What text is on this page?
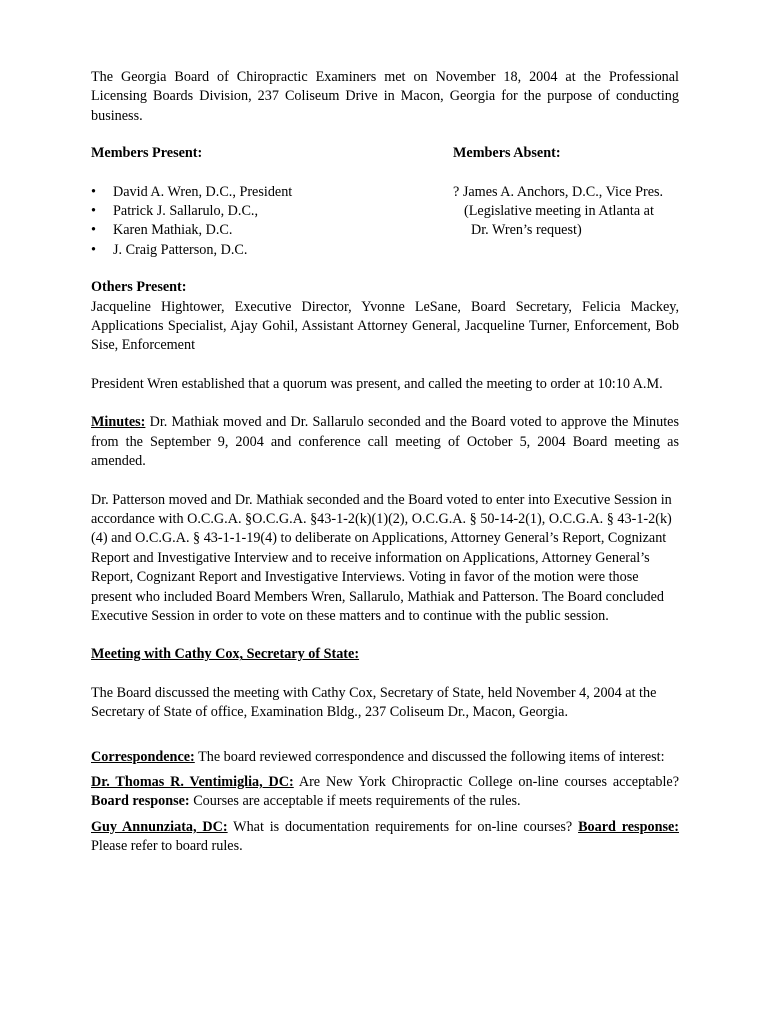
The Georgia Board of Chiropractic Examiners met on November 18, 2004 at the Professional Licensing Boards Division, 237 Coliseum Drive in Macon, Georgia for the purpose of conducting business.

Members Present:
• David A. Wren, D.C., President
• Patrick J. Sallarulo, D.C.,
• Karen Mathiak, D.C.
• J. Craig Patterson, D.C.
Members Absent:
? James A. Anchors, D.C., Vice Pres.
(Legislative meeting in Atlanta at
Dr. Wren’s request)
Others Present:

Jacqueline Hightower, Executive Director, Yvonne LeSane, Board Secretary, Felicia Mackey, Applications Specialist, Ajay Gohil, Assistant Attorney General, Jacqueline Turner, Enforcement, Bob Sise, Enforcement

President Wren established that a quorum was present, and called the meeting to order at 10:10 A.M.

Minutes: Dr. Mathiak moved and Dr. Sallarulo seconded and the Board voted to approve the Minutes from the September 9, 2004 and conference call meeting of October 5, 2004 Board meeting as amended.

Dr. Patterson moved and Dr. Mathiak seconded and the Board voted to enter into Executive Session in accordance with O.C.G.A. §O.C.G.A. §43-1-2(k)(1)(2), O.C.G.A. § 50-14-2(1), O.C.G.A. § 43-1-2(k)(4) and O.C.G.A. § 43-1-1-19(4) to deliberate on Applications, Attorney General’s Report, Cognizant Report and Investigative Interview and to receive information on Applications, Attorney General’s Report, Cognizant Report and Investigative Interviews. Voting in favor of the motion were those present who included Board Members Wren, Sallarulo, Mathiak and Patterson. The Board concluded Executive Session in order to vote on these matters and to continue with the public session.

Meeting with Cathy Cox, Secretary of State:

The Board discussed the meeting with Cathy Cox, Secretary of State, held November 4, 2004 at the Secretary of State of office, Examination Bldg., 237 Coliseum Dr., Macon, Georgia.

Correspondence: The board reviewed correspondence and discussed the following items of interest:

Dr. Thomas R. Ventimiglia, DC: Are New York Chiropractic College on-line courses acceptable? Board response: Courses are acceptable if meets requirements of the rules.

Guy Annunziata, DC: What is documentation requirements for on-line courses? Board response: Please refer to board rules.
